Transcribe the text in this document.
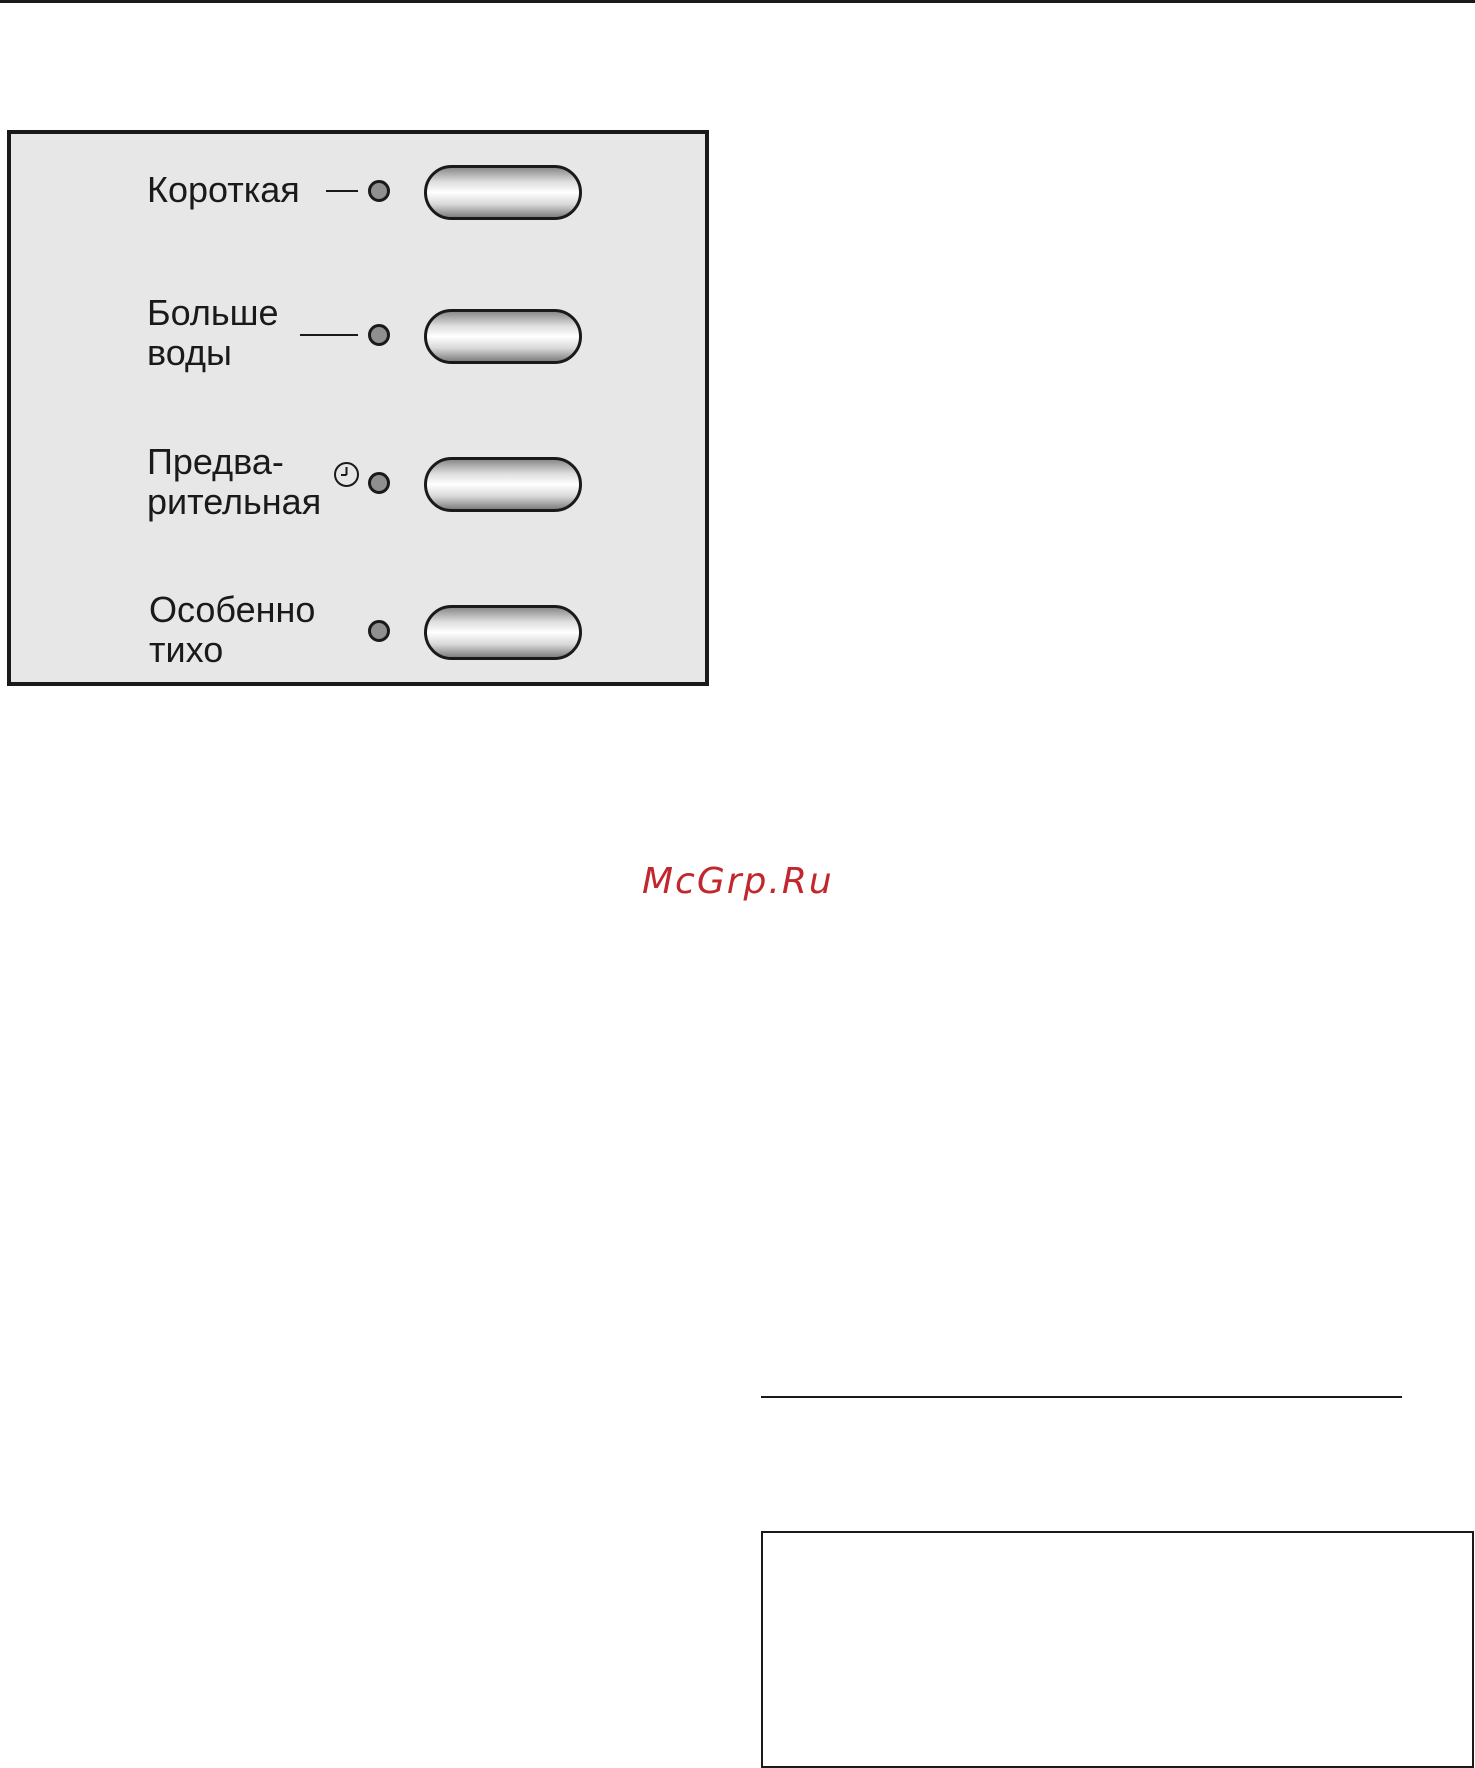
Короткая
Больше
воды
Предва-
рительная
Особенно
тихо
McGrp.Ru
